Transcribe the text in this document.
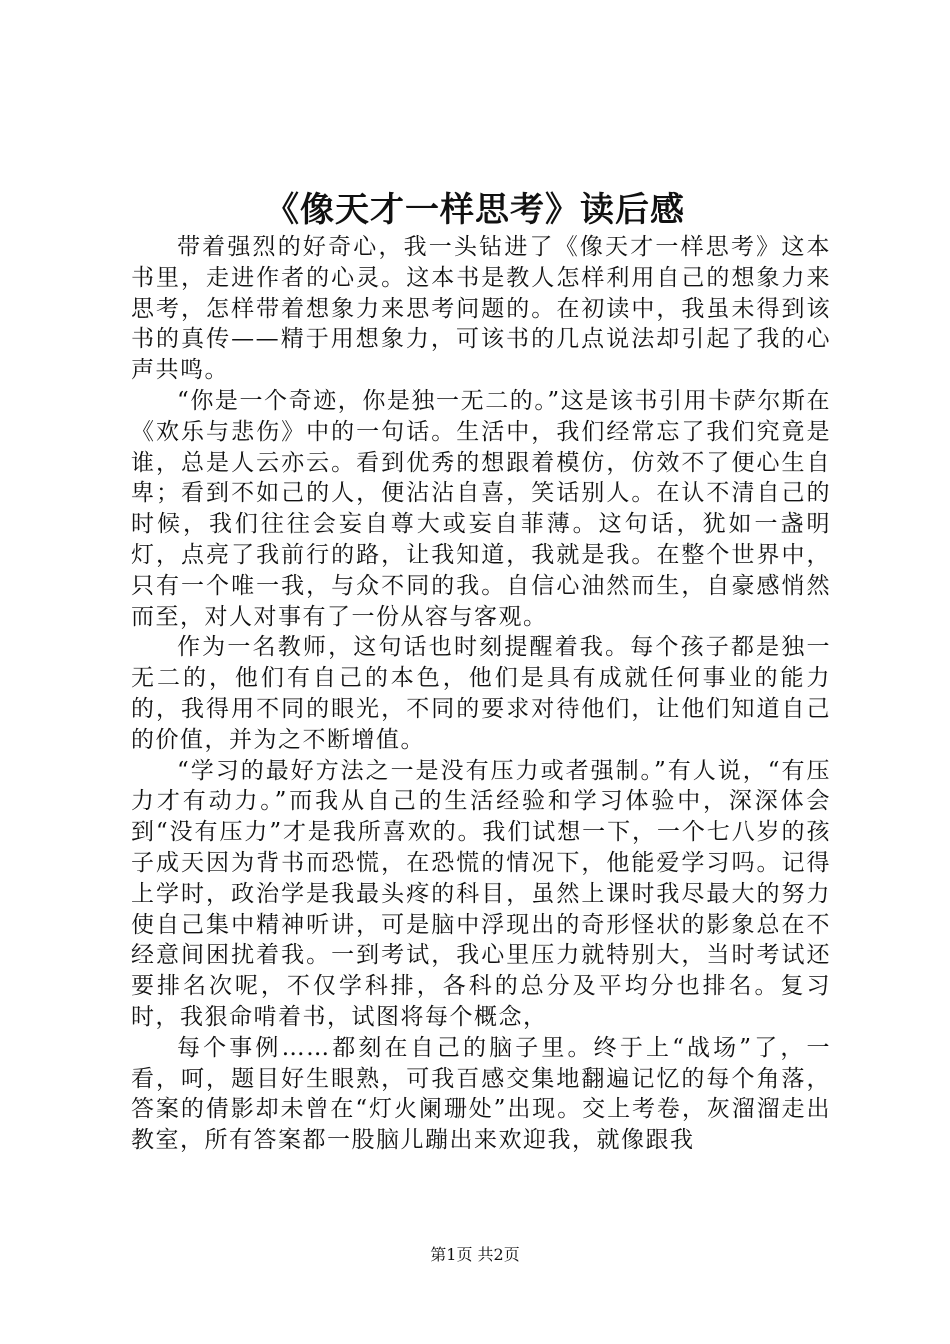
《像天才一样思考》读后感

带着强烈的好奇心，我一头钻进了《像天才一样思考》这本书里，走进作者的心灵。这本书是教人怎样利用自己的想象力来思考，怎样带着想象力来思考问题的。在初读中，我虽未得到该书的真传——精于用想象力，可该书的几点说法却引起了我的心声共鸣。

“你是一个奇迹，你是独一无二的。”这是该书引用卡萨尔斯在《欢乐与悲伤》中的一句话。生活中，我们经常忘了我们究竟是谁，总是人云亦云。看到优秀的想跟着模仿，仿效不了便心生自卑；看到不如己的人，便沾沾自喜，笑话别人。在认不清自己的时候，我们往往会妄自尊大或妄自菲薄。这句话，犹如一盏明灯，点亮了我前行的路，让我知道，我就是我。在整个世界中，只有一个唯一我，与众不同的我。自信心油然而生，自豪感悄然而至，对人对事有了一份从容与客观。

作为一名教师，这句话也时刻提醒着我。每个孩子都是独一无二的，他们有自己的本色，他们是具有成就任何事业的能力的，我得用不同的眼光，不同的要求对待他们，让他们知道自己的价值，并为之不断增值。

“学习的最好方法之一是没有压力或者强制。”有人说，“有压力才有动力。”而我从自己的生活经验和学习体验中，深深体会到“没有压力”才是我所喜欢的。我们试想一下，一个七八岁的孩子成天因为背书而恐慌，在恐慌的情况下，他能爱学习吗。记得上学时，政治学是我最头疼的科目，虽然上课时我尽最大的努力使自己集中精神听讲，可是脑中浮现出的奇形怪状的影象总在不经意间困扰着我。一到考试，我心里压力就特别大，当时考试还要排名次呢，不仅学科排，各科的总分及平均分也排名。复习时，我狠命啃着书，试图将每个概念，

每个事例……都刻在自己的脑子里。终于上“战场”了，一看，呵，题目好生眼熟，可我百感交集地翻遍记忆的每个角落，答案的倩影却未曾在“灯火阑珊处”出现。交上考卷，灰溜溜走出教室，所有答案都一股脑儿蹦出来欢迎我，就像跟我

第1页 共2页
